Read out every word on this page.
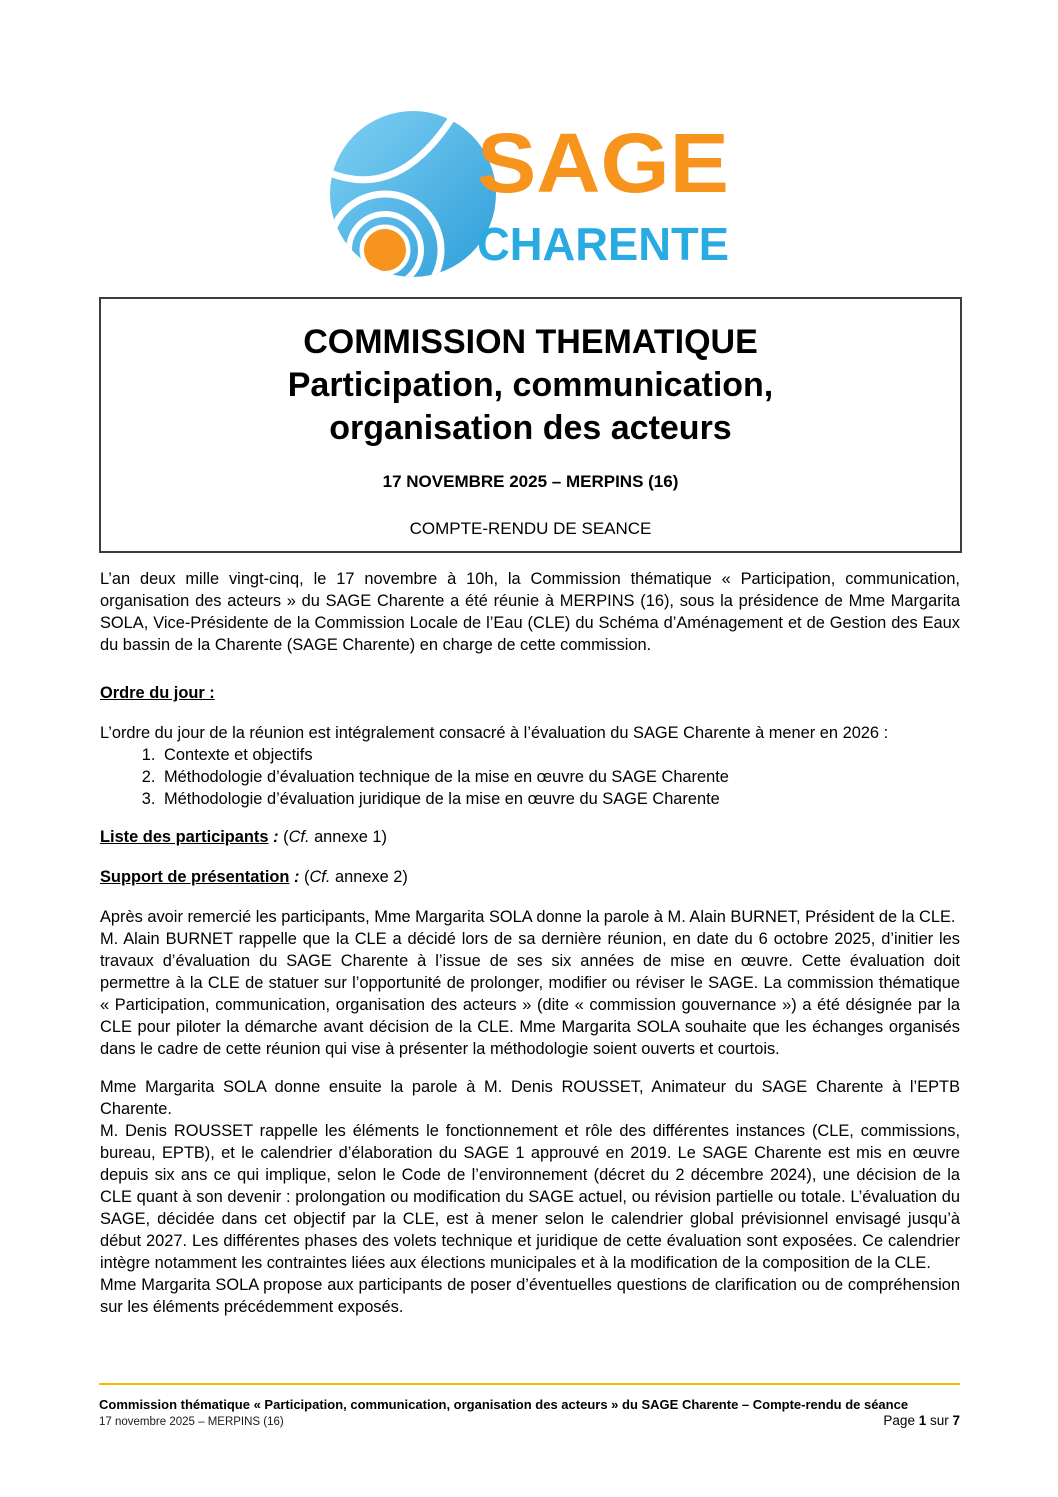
SAGE
CHARENTE
COMMISSION THEMATIQUE
Participation, communication,
organisation des acteurs
17 NOVEMBRE 2025 – MERPINS (16)
COMPTE-RENDU DE SEANCE

L’an deux mille vingt-cinq, le 17 novembre à 10h, la Commission thématique « Participation, communication, organisation des acteurs » du SAGE Charente a été réunie à MERPINS (16), sous la présidence de Mme Margarita SOLA, Vice-Présidente de la Commission Locale de l’Eau (CLE) du Schéma d’Aménagement et de Gestion des Eaux du bassin de la Charente (SAGE Charente) en charge de cette commission.

Ordre du jour :

L’ordre du jour de la réunion est intégralement consacré à l’évaluation du SAGE Charente à mener en 2026 :

1. Contexte et objectifs
2. Méthodologie d’évaluation technique de la mise en œuvre du SAGE Charente
3. Méthodologie d’évaluation juridique de la mise en œuvre du SAGE Charente
Liste des participants : (Cf. annexe 1)
Support de présentation : (Cf. annexe 2)

Après avoir remercié les participants, Mme Margarita SOLA donne la parole à M. Alain BURNET, Président de la CLE.

M. Alain BURNET rappelle que la CLE a décidé lors de sa dernière réunion, en date du 6 octobre 2025, d’initier les travaux d’évaluation du SAGE Charente à l’issue de ses six années de mise en œuvre. Cette évaluation doit permettre à la CLE de statuer sur l’opportunité de prolonger, modifier ou réviser le SAGE. La commission thématique « Participation, communication, organisation des acteurs » (dite « commission gouvernance ») a été désignée par la CLE pour piloter la démarche avant décision de la CLE. Mme Margarita SOLA souhaite que les échanges organisés dans le cadre de cette réunion qui vise à présenter la méthodologie soient ouverts et courtois.

Mme Margarita SOLA donne ensuite la parole à M. Denis ROUSSET, Animateur du SAGE Charente à l’EPTB Charente.

M. Denis ROUSSET rappelle les éléments le fonctionnement et rôle des différentes instances (CLE, commissions, bureau, EPTB), et le calendrier d’élaboration du SAGE 1 approuvé en 2019. Le SAGE Charente est mis en œuvre depuis six ans ce qui implique, selon le Code de l’environnement (décret du 2 décembre 2024), une décision de la CLE quant à son devenir : prolongation ou modification du SAGE actuel, ou révision partielle ou totale. L’évaluation du SAGE, décidée dans cet objectif par la CLE, est à mener selon le calendrier global prévisionnel envisagé jusqu’à début 2027. Les différentes phases des volets technique et juridique de cette évaluation sont exposées. Ce calendrier intègre notamment les contraintes liées aux élections municipales et à la modification de la composition de la CLE.

Mme Margarita SOLA propose aux participants de poser d’éventuelles questions de clarification ou de compréhension sur les éléments précédemment exposés.

Commission thématique « Participation, communication, organisation des acteurs » du SAGE Charente – Compte-rendu de séance
17 novembre 2025 – MERPINS (16)	Page 1 sur 7
